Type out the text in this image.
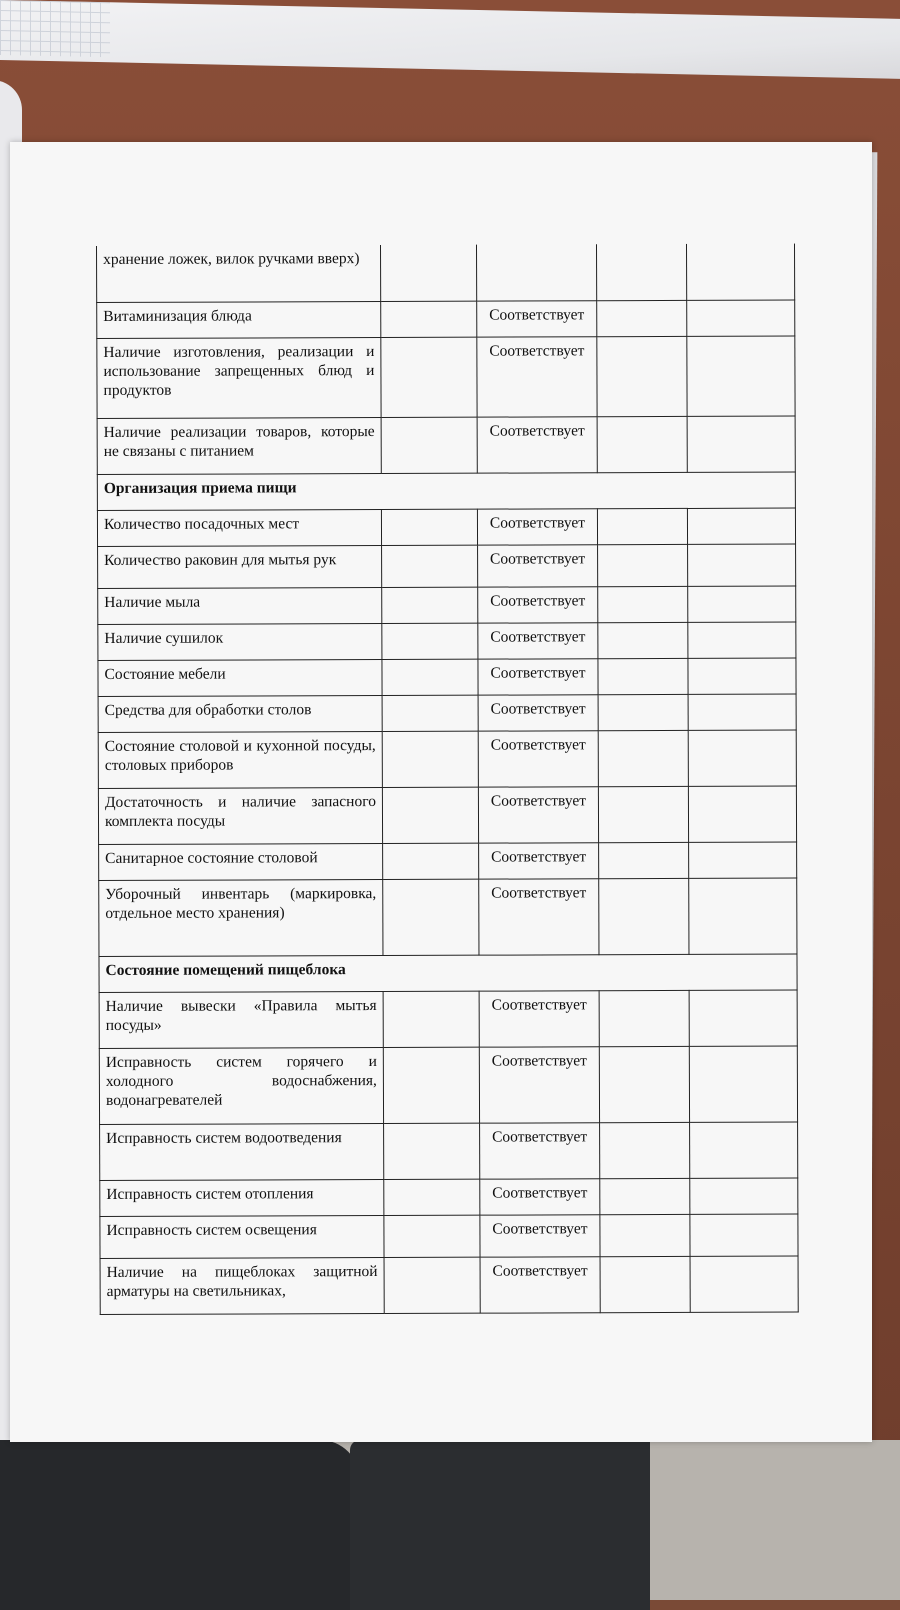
хранение ложек, вилок ручками вверх)				
Витаминизация блюда		Соответствует		
Наличие изготовления, реализации и использование запрещенных блюд и продуктов		Соответствует		
Наличие реализации товаров, которые не связаны с питанием		Соответствует		
Организация приема пищи				
Количество посадочных мест		Соответствует		
Количество раковин для мытья рук		Соответствует		
Наличие мыла		Соответствует		
Наличие сушилок		Соответствует		
Состояние мебели		Соответствует		
Средства для обработки столов		Соответствует		
Состояние столовой и кухонной посуды, столовых приборов		Соответствует		
Достаточность и наличие запасного комплекта посуды		Соответствует		
Санитарное состояние столовой		Соответствует		
Уборочный инвентарь (маркировка, отдельное место хранения)		Соответствует		
Состояние помещений пищеблока				
Наличие вывески «Правила мытья посуды»		Соответствует		
Исправность систем горячего и холодного водоснабжения, водонагревателей		Соответствует		
Исправность систем водоотведения		Соответствует		
Исправность систем отопления		Соответствует		
Исправность систем освещения		Соответствует		
Наличие на пищеблоках защитной арматуры на светильниках,		Соответствует		
